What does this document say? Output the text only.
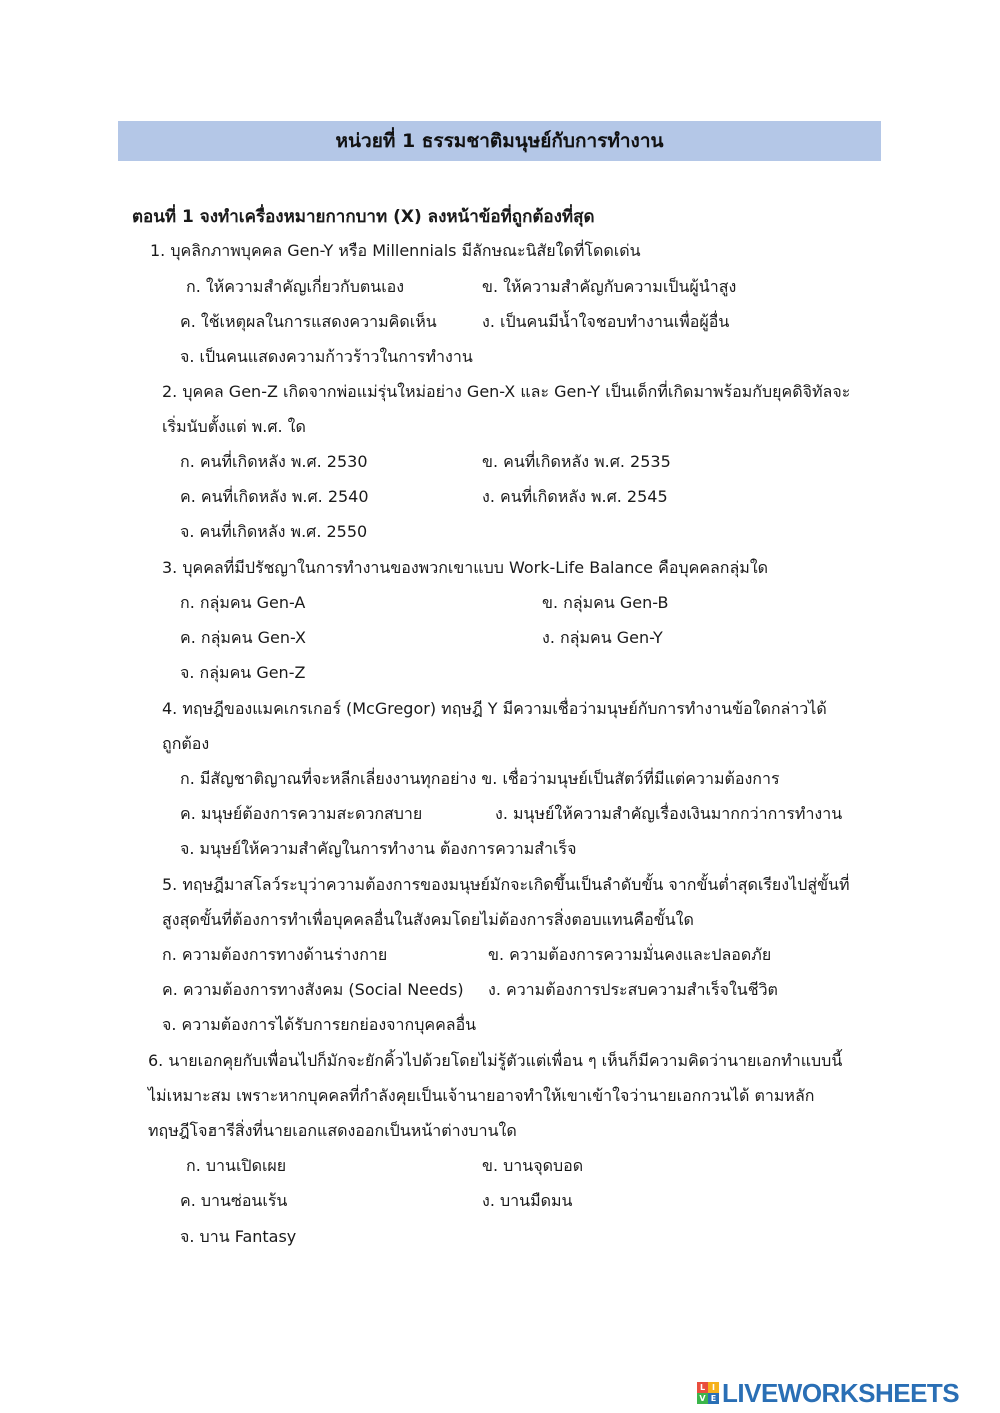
หน่วยที่ 1 ธรรมชาติมนุษย์กับการทำงาน
ตอนที่ 1 จงทำเครื่องหมายกากบาท (X) ลงหน้าข้อที่ถูกต้องที่สุด
1. บุคลิกภาพบุคคล Gen-Y หรือ Millennials มีลักษณะนิสัยใดที่โดดเด่น
ก. ให้ความสำคัญเกี่ยวกับตนเอง	ข. ให้ความสำคัญกับความเป็นผู้นำสูง
ค. ใช้เหตุผลในการแสดงความคิดเห็น	ง. เป็นคนมีน้ำใจชอบทำงานเพื่อผู้อื่น
จ. เป็นคนแสดงความก้าวร้าวในการทำงาน
2. บุคคล Gen-Z เกิดจากพ่อแม่รุ่นใหม่อย่าง Gen-X และ Gen-Y เป็นเด็กที่เกิดมาพร้อมกับยุคดิจิทัลจะ
เริ่มนับตั้งแต่ พ.ศ. ใด
ก. คนที่เกิดหลัง พ.ศ. 2530	ข. คนที่เกิดหลัง พ.ศ. 2535
ค. คนที่เกิดหลัง พ.ศ. 2540	ง. คนที่เกิดหลัง พ.ศ. 2545
จ. คนที่เกิดหลัง พ.ศ. 2550
3. บุคคลที่มีปรัชญาในการทำงานของพวกเขาแบบ Work-Life Balance คือบุคคลกลุ่มใด
ก. กลุ่มคน Gen-A	ข. กลุ่มคน Gen-B
ค. กลุ่มคน Gen-X	ง. กลุ่มคน Gen-Y
จ. กลุ่มคน Gen-Z
4. ทฤษฎีของแมคเกรเกอร์ (McGregor) ทฤษฎี Y มีความเชื่อว่ามนุษย์กับการทำงานข้อใดกล่าวได้
ถูกต้อง
ก. มีสัญชาติญาณที่จะหลีกเลี่ยงงานทุกอย่าง ข. เชื่อว่ามนุษย์เป็นสัตว์ที่มีแต่ความต้องการ
ค. มนุษย์ต้องการความสะดวกสบาย	ง. มนุษย์ให้ความสำคัญเรื่องเงินมากกว่าการทำงาน
จ. มนุษย์ให้ความสำคัญในการทำงาน ต้องการความสำเร็จ
5. ทฤษฎีมาสโลว์ระบุว่าความต้องการของมนุษย์มักจะเกิดขึ้นเป็นลำดับขั้น จากขั้นต่ำสุดเรียงไปสู่ขั้นที่
สูงสุดขั้นที่ต้องการทำเพื่อบุคคลอื่นในสังคมโดยไม่ต้องการสิ่งตอบแทนคือขั้นใด
ก. ความต้องการทางด้านร่างกาย	ข. ความต้องการความมั่นคงและปลอดภัย
ค. ความต้องการทางสังคม (Social Needs) ง. ความต้องการประสบความสำเร็จในชีวิต
จ. ความต้องการได้รับการยกย่องจากบุคคลอื่น
6. นายเอกคุยกับเพื่อนไปก็มักจะยักคิ้วไปด้วยโดยไม่รู้ตัวแต่เพื่อน ๆ เห็นก็มีความคิดว่านายเอกทำแบบนี้
ไม่เหมาะสม เพราะหากบุคคลที่กำลังคุยเป็นเจ้านายอาจทำให้เขาเข้าใจว่านายเอกกวนได้ ตามหลัก
ทฤษฎีโจฮารีสิ่งที่นายเอกแสดงออกเป็นหน้าต่างบานใด
ก. บานเปิดเผย	ข. บานจุดบอด
ค. บานซ่อนเร้น	ง. บานมืดมน
จ. บาน Fantasy
L I
V E LIVEWORKSHEETS
